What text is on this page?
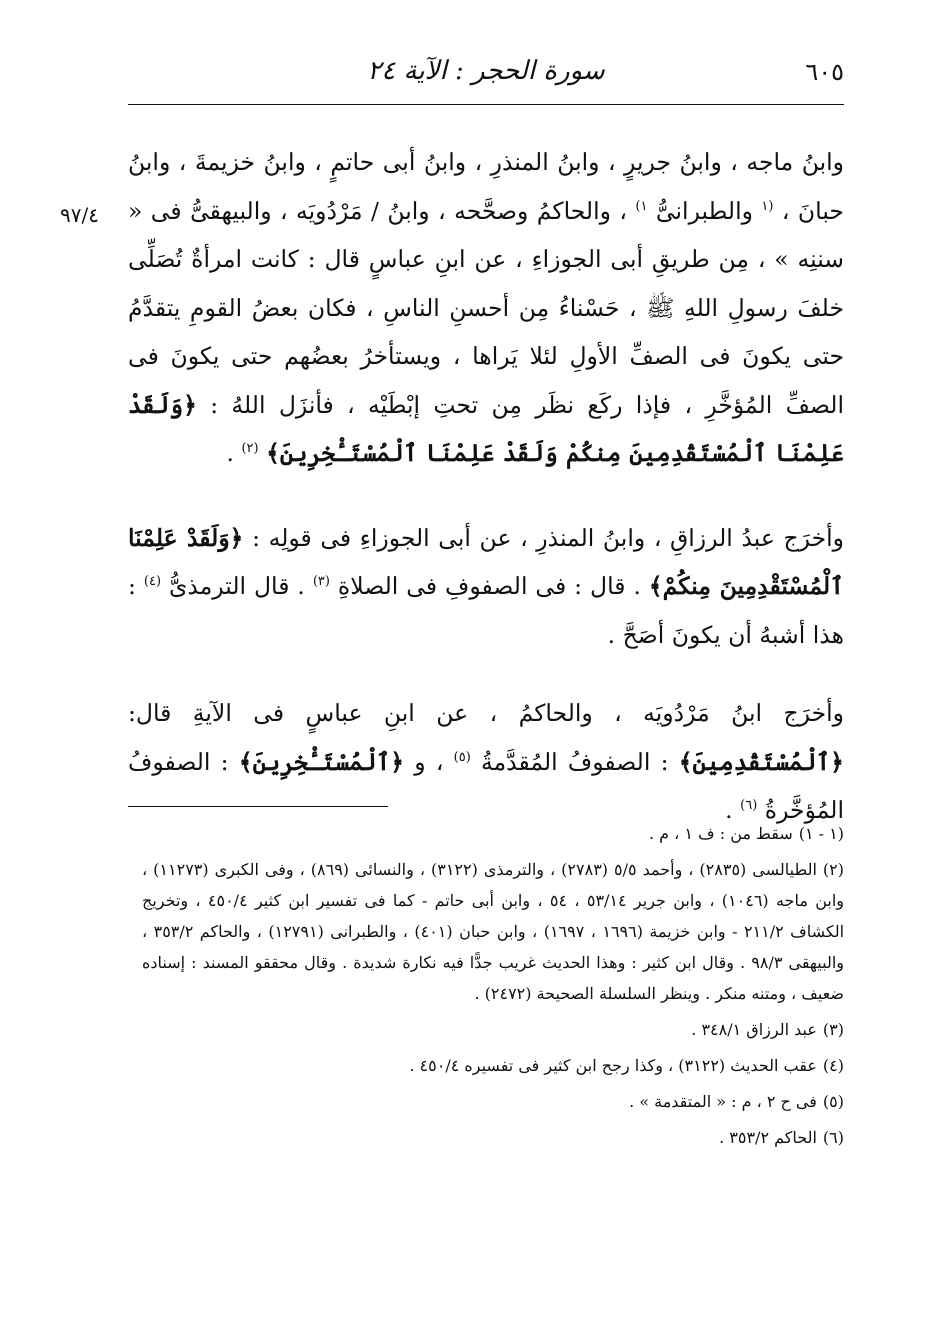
٦٠٥
سورة الحجر : الآية ٢٤
٩٧/٤

وابنُ ماجه ، وابنُ جريرٍ ، وابنُ المنذرِ ، وابنُ أبى حاتمٍ ، وابنُ خزيمةَ ، وابنُ حبانَ ، $^{(١}$ والطبرانىُّ $^{١)}$ ، والحاكمُ وصحَّحه ، وابنُ / مَرْدُويَه ، والبيهقىُّ فى « سننِه » ، مِن طريقِ أبى الجوزاءِ ، عن ابنِ عباسٍ قال : كانت امرأةٌ تُصَلِّى خلفَ رسولِ اللهِ ﷺ ، حَسْناءُ مِن أحسنِ الناسِ ، فكان بعضُ القومِ يتقدَّمُ حتى يكونَ فى الصفِّ الأولِ لئلا يَراها ، ويستأخرُ بعضُهم حتى يكونَ فى الصفِّ المُؤخَّرِ ، فإذا ركَع نظَر مِن تحتِ إبْطَيْه ، فأنزَل اللهُ : ﴿وَلَقَدْ عَلِمْنَا ٱلْمُسْتَقْدِمِينَ مِنكُمْ وَلَقَدْ عَلِمْنَا ٱلْمُسْتَـْٔخِرِينَ﴾ $^{(٢)}$ .

وأخرَج عبدُ الرزاقِ ، وابنُ المنذرِ ، عن أبى الجوزاءِ فى قولِه : ﴿وَلَقَدْ عَلِمْنَا ٱلْمُسْتَقْدِمِينَ مِنكُمْ﴾ . قال : فى الصفوفِ فى الصلاةِ $^{(٣)}$ . قال الترمذىُّ $^{(٤)}$ : هذا أشبهُ أن يكونَ أصَحَّ .

وأخرَج ابنُ مَرْدُويَه ، والحاكمُ ، عن ابنِ عباسٍ فى الآيةِ قال: ﴿ٱلْمُسْتَقْدِمِينَ﴾ : الصفوفُ المُقدَّمةُ $^{(٥)}$ ، و ﴿ٱلْمُسْتَـْٔخِرِينَ﴾ : الصفوفُ المُؤخَّرةُ $^{(٦)}$ .

(١ - ١)سقط من : ف ١ ، م .

(٢)الطيالسى (٢٨٣٥) ، وأحمد ٥/٥ (٢٧٨٣) ، والترمذى (٣١٢٢) ، والنسائى (٨٦٩) ، وفى الكبرى (١١٢٧٣) ، وابن ماجه (١٠٤٦) ، وابن جرير ٥٣/١٤ ، ٥٤ ، وابن أبى حاتم - كما فى تفسير ابن كثير ٤٥٠/٤ ، وتخريج الكشاف ٢١١/٢ - وابن خزيمة (١٦٩٦ ، ١٦٩٧) ، وابن حبان (٤٠١) ، والطبرانى (١٢٧٩١) ، والحاكم ٣٥٣/٢ ، والبيهقى ٩٨/٣ . وقال ابن كثير : وهذا الحديث غريب جدًّا فيه نكارة شديدة . وقال محققو المسند : إسناده ضعيف ، ومتنه منكر . وينظر السلسلة الصحيحة (٢٤٧٢) .

(٣)عبد الرزاق ٣٤٨/١ .

(٤)عقب الحديث (٣١٢٢) ، وكذا رجح ابن كثير فى تفسيره ٤٥٠/٤ .

(٥)فى ح ٢ ، م : « المتقدمة » .

(٦)الحاكم ٣٥٣/٢ .
